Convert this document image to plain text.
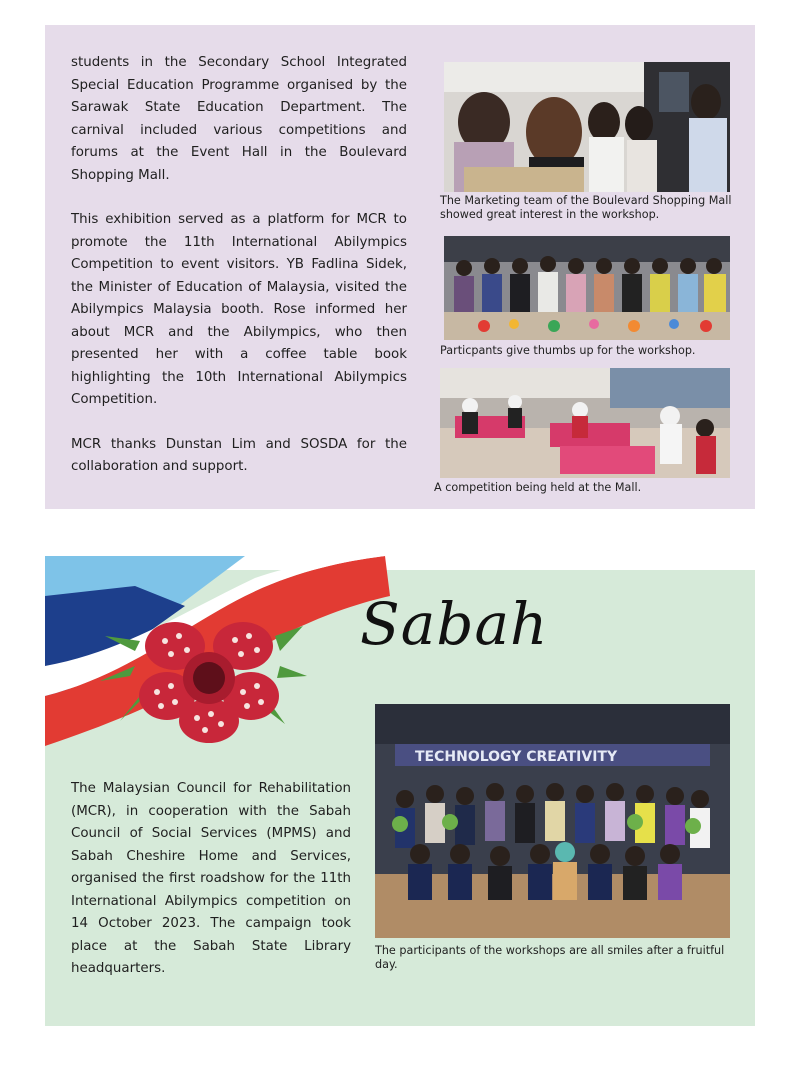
students in the Secondary School Integrated Special Education Programme organised by the Sarawak State Education Department. The carnival included various competitions and forums at the Event Hall in the Boulevard Shopping Mall.

This exhibition served as a platform for MCR to promote the 11th International Abilympics Competition to event visitors. YB Fadlina Sidek, the Minister of Education of Malaysia, visited the Abilympics Malaysia booth. Rose informed her about MCR and the Abilympics, who then presented her with a coffee table book highlighting the 10th International Abilympics Competition.

MCR thanks Dunstan Lim and SOSDA for the collaboration and support.

The Marketing team of the Boulevard Shopping Mall showed great interest in the workshop.

Particpants give thumbs up for the workshop.

A competition being held at the Mall.

Sabah

The Malaysian Council for Rehabilitation (MCR), in cooperation with the Sabah Council of Social Services (MPMS) and Sabah Cheshire Home and Services, organised the first roadshow for the 11th International Abilympics competition on 14 October 2023. The campaign took place at the Sabah State Library headquarters.

TECHNOLOGY CREATIVITY

The participants of the workshops are all smiles after a fruitful day.
